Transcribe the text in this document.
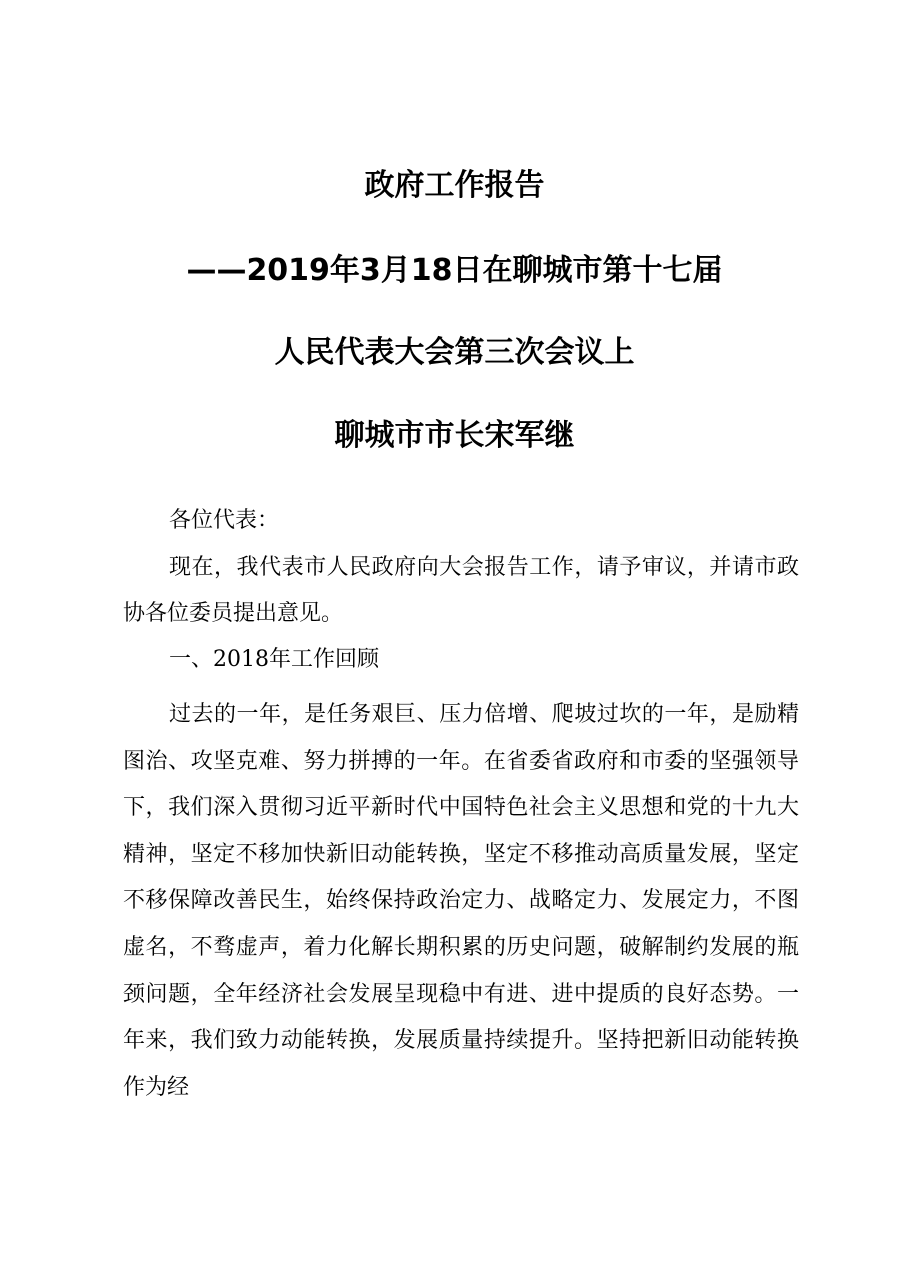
政府工作报告
——2019年3月18日在聊城市第十七届
人民代表大会第三次会议上
聊城市市长宋军继

各位代表：

现在，我代表市人民政府向大会报告工作，请予审议，并请市政协各位委员提出意见。

一、2018年工作回顾

过去的一年，是任务艰巨、压力倍增、爬坡过坎的一年，是励精图治、攻坚克难、努力拼搏的一年。在省委省政府和市委的坚强领导下，我们深入贯彻习近平新时代中国特色社会主义思想和党的十九大精神，坚定不移加快新旧动能转换，坚定不移推动高质量发展，坚定不移保障改善民生，始终保持政治定力、战略定力、发展定力，不图虚名，不骛虚声，着力化解长期积累的历史问题，破解制约发展的瓶颈问题，全年经济社会发展呈现稳中有进、进中提质的良好态势。一年来，我们致力动能转换，发展质量持续提升。坚持把新旧动能转换作为经
